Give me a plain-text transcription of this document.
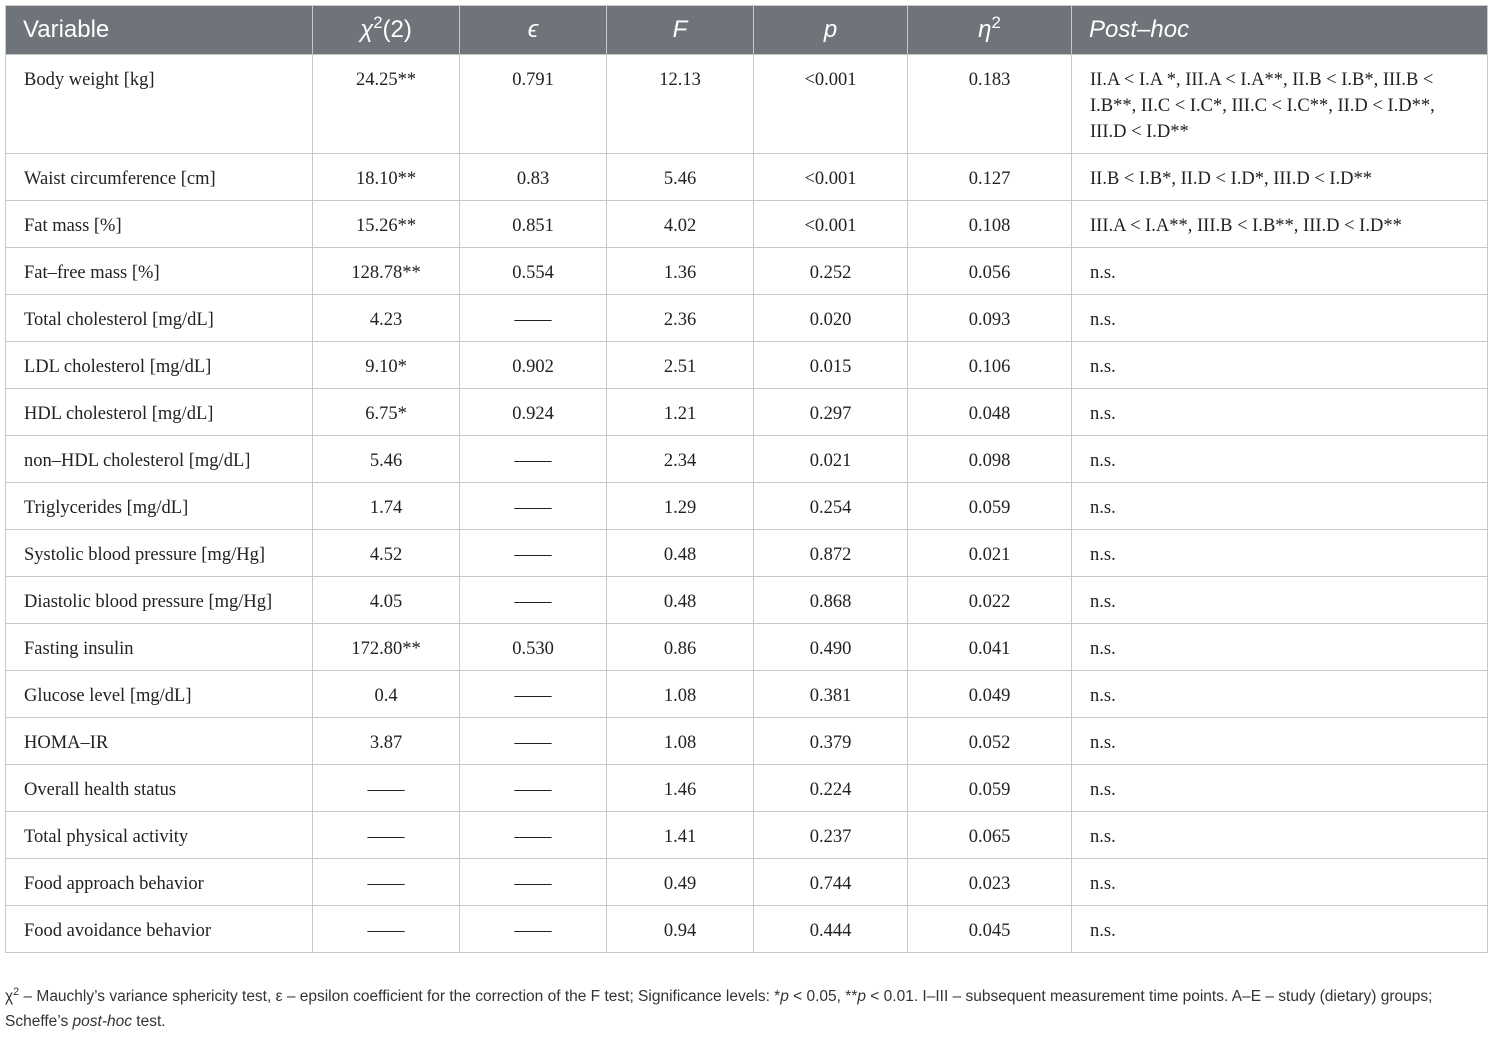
Variable	$\chi^2(2)$	ϵ	F	p	$\eta^2$	Post–hoc
Body weight [kg]	24.25**	0.791	12.13	<0.001	0.183	II.A < I.A *, III.A < I.A**, II.B < I.B*, III.B < I.B**, II.C < I.C*, III.C < I.C**, II.D < I.D**, III.D < I.D**
Waist circumference [cm]	18.10**	0.83	5.46	<0.001	0.127	II.B < I.B*, II.D < I.D*, III.D < I.D**
Fat mass [%]	15.26**	0.851	4.02	<0.001	0.108	III.A < I.A**, III.B < I.B**, III.D < I.D**
Fat–free mass [%]	128.78**	0.554	1.36	0.252	0.056	n.s.
Total cholesterol [mg/dL]	4.23	——	2.36	0.020	0.093	n.s.
LDL cholesterol [mg/dL]	9.10*	0.902	2.51	0.015	0.106	n.s.
HDL cholesterol [mg/dL]	6.75*	0.924	1.21	0.297	0.048	n.s.
non–HDL cholesterol [mg/dL]	5.46	——	2.34	0.021	0.098	n.s.
Triglycerides [mg/dL]	1.74	——	1.29	0.254	0.059	n.s.
Systolic blood pressure [mg/Hg]	4.52	——	0.48	0.872	0.021	n.s.
Diastolic blood pressure [mg/Hg]	4.05	——	0.48	0.868	0.022	n.s.
Fasting insulin	172.80**	0.530	0.86	0.490	0.041	n.s.
Glucose level [mg/dL]	0.4	——	1.08	0.381	0.049	n.s.
HOMA–IR	3.87	——	1.08	0.379	0.052	n.s.
Overall health status	——	——	1.46	0.224	0.059	n.s.
Total physical activity	——	——	1.41	0.237	0.065	n.s.
Food approach behavior	——	——	0.49	0.744	0.023	n.s.
Food avoidance behavior	——	——	0.94	0.444	0.045	n.s.
$\chi^2$ – Mauchly’s variance sphericity test, ε – epsilon coefficient for the correction of the F test; Significance levels: *p < 0.05, **p < 0.01. I–III – subsequent measurement time points. A–E – study (dietary) groups; Scheffe’s post-hoc test.
